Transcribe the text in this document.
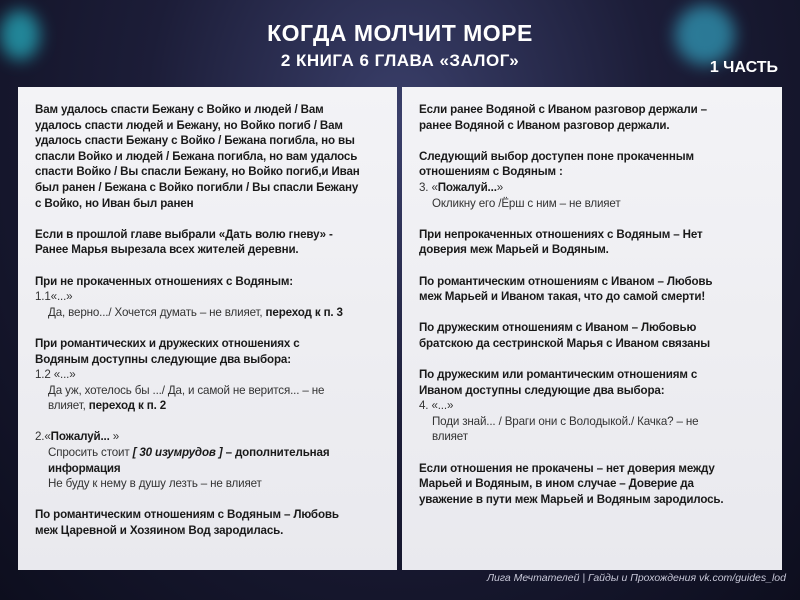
КОГДА МОЛЧИТ МОРЕ
2 КНИГА 6 ГЛАВА «ЗАЛОГ»	1 ЧАСТЬ
Вам удалось спасти Бежану с Войко и людей / Вам
удалось спасти людей и Бежану, но Войко погиб / Вам
удалось спасти Бежану с Войко / Бежана погибла, но вы
спасли Войко и людей / Бежана погибла, но вам удалось
спасти Войко / Вы спасли Бежану, но Войко погиб,и Иван
был ранен / Бежана с Войко погибли / Вы спасли Бежану
с Войко, но Иван был ранен
Если в прошлой главе выбрали «Дать волю гневу» -
Ранее Марья вырезала всех жителей деревни.
При не прокаченных отношениях с Водяным:
1.1«...»
Да, верно.../ Хочется думать – не влияет, переход к п. 3
При романтических и дружеских отношениях с
Водяным доступны следующие два выбора:
1.2 «...»
Да уж, хотелось бы .../ Да, и самой не верится... – не
влияет, переход к п. 2
2.«Пожалуй... »
Спросить стоит [ 30 изумрудов ] – дополнительная
информация
Не буду к нему в душу лезть – не влияет
По романтическим отношениям с Водяным – Любовь
меж Царевной и Хозяином Вод зародилась.
Если ранее Водяной с Иваном разговор держали –
ранее Водяной с Иваном разговор держали.
Следующий выбор доступен поне прокаченным
отношениям с Водяным :
3. «Пожалуй...»
Окликну его /Ёрш с ним – не влияет
При непрокаченных отношениях с Водяным – Нет
доверия меж Марьей и Водяным.
По романтическим отношениям с Иваном – Любовь
меж Марьей и Иваном такая, что до самой смерти!
По дружеским отношениям с Иваном – Любовью
братскою да сестринской Марья с Иваном связаны
По дружеским или романтическим отношениям с
Иваном доступны следующие два выбора:
4. «...»
Поди знай... / Враги они с Володыкой./ Качка? – не
влияет
Если отношения не прокачены – нет доверия между
Марьей и Водяным, в ином случае – Доверие да
уважение в пути меж Марьей и Водяным зародилось.
Лига Мечтателей | Гайды и Прохождения vk.com/guides_lod
